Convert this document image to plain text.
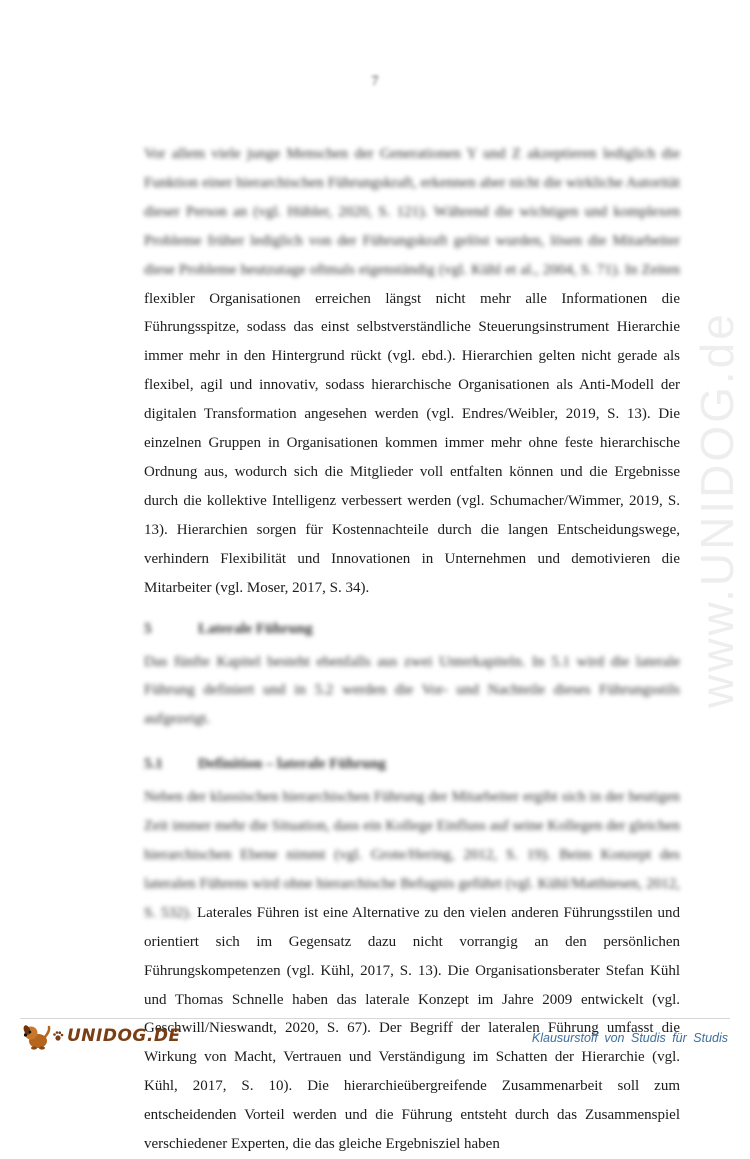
7
www.UNIDOG.de

Vor allem viele junge Menschen der Generationen Y und Z akzeptieren lediglich die Funktion einer hierarchischen Führungskraft, erkennen aber nicht die wirkliche Autorität dieser Person an (vgl. Hübler, 2020, S. 121). Während die wichtigen und komplexen Probleme früher lediglich von der Führungskraft gelöst wurden, lösen die Mitarbeiter diese Probleme heutzutage oftmals eigenständig (vgl. Kühl et al., 2004, S. 71). In Zeiten flexibler Organisationen erreichen längst nicht mehr alle Informationen die Führungsspitze, sodass das einst selbstverständliche Steuerungsinstrument Hierarchie immer mehr in den Hintergrund rückt (vgl. ebd.). Hierarchien gelten nicht gerade als flexibel, agil und innovativ, sodass hierarchische Organisationen als Anti-Modell der digitalen Transformation angesehen werden (vgl. Endres/Weibler, 2019, S. 13). Die einzelnen Gruppen in Organisationen kommen immer mehr ohne feste hierarchische Ordnung aus, wodurch sich die Mitglieder voll entfalten können und die Ergebnisse durch die kollektive Intelligenz verbessert werden (vgl. Schumacher/Wimmer, 2019, S. 13). Hierarchien sorgen für Kostennachteile durch die langen Entscheidungswege, verhindern Flexibilität und Innovationen in Unternehmen und demotivieren die Mitarbeiter (vgl. Moser, 2017, S. 34).

5	Laterale Führung

Das fünfte Kapitel besteht ebenfalls aus zwei Unterkapiteln. In 5.1 wird die laterale Führung definiert und in 5.2 werden die Vor- und Nachteile dieses Führungsstils aufgezeigt.

5.1	Definition – laterale Führung

Neben der klassischen hierarchischen Führung der Mitarbeiter ergibt sich in der heutigen Zeit immer mehr die Situation, dass ein Kollege Einfluss auf seine Kollegen der gleichen hierarchischen Ebene nimmt (vgl. Grote/Hering, 2012, S. 19). Beim Konzept des lateralen Führens wird ohne hierarchische Befugnis geführt (vgl. Kühl/Matthiesen, 2012, S. 532). Laterales Führen ist eine Alternative zu den vielen anderen Führungsstilen und orientiert sich im Gegensatz dazu nicht vorrangig an den persönlichen Führungskompetenzen (vgl. Kühl, 2017, S. 13). Die Organisationsberater Stefan Kühl und Thomas Schnelle haben das laterale Konzept im Jahre 2009 entwickelt (vgl. Geschwill/Nieswandt, 2020, S. 67). Der Begriff der lateralen Führung umfasst die Wirkung von Macht, Vertrauen und Verständigung im Schatten der Hierarchie (vgl. Kühl, 2017, S. 10). Die hierarchieübergreifende Zusammenarbeit soll zum entscheidenden Vorteil werden und die Führung entsteht durch das Zusammenspiel verschiedener Experten, die das gleiche Ergebnisziel haben

UNIDOG.DE	Klausurstoff von Studis für Studis
